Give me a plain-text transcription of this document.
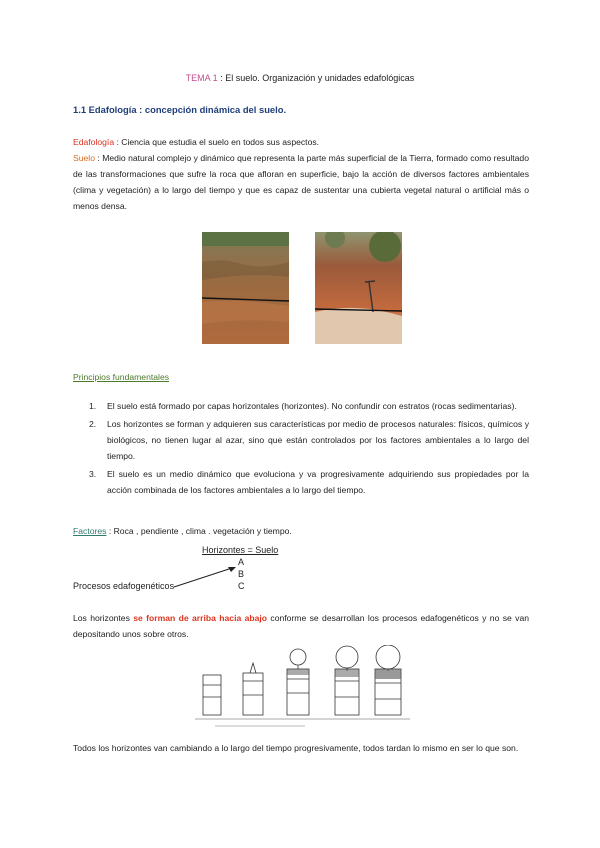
TEMA 1 : El suelo. Organización y unidades edafológicas
1.1 Edafología : concepción dinámica del suelo.
Edafología : Ciencia que estudia el suelo en todos sus aspectos.
Suelo : Medio natural complejo y dinámico que representa la parte más superficial de la Tierra, formado como resultado de las transformaciones que sufre la roca que afloran en superficie, bajo la acción de diversos factores ambientales (clima y vegetación) a lo largo del tiempo y que es capaz de sustentar una cubierta vegetal natural o artificial más o menos densa.
Principios fundamentales
1. El suelo está formado por capas horizontales (horizontes). No confundir con estratos (rocas sedimentarias).
2. Los horizontes se forman y adquieren sus características por medio de procesos naturales: físicos, químicos y biológicos, no tienen lugar al azar, sino que están controlados por los factores ambientales a lo largo del tiempo.
3. El suelo es un medio dinámico que evoluciona y va progresivamente adquiriendo sus propiedades por la acción combinada de los factores ambientales a lo largo del tiempo.
Factores : Roca , pendiente , clima . vegetación y tiempo.
Horizontes = Suelo
A
B
C
Procesos edafogenéticos
Los horizontes se forman de arriba hacia abajo conforme se desarrollan los procesos edafogenéticos y no se van depositando unos sobre otros.
Todos los horizontes van cambiando a lo largo del tiempo progresivamente, todos tardan lo mismo en ser lo que son.
